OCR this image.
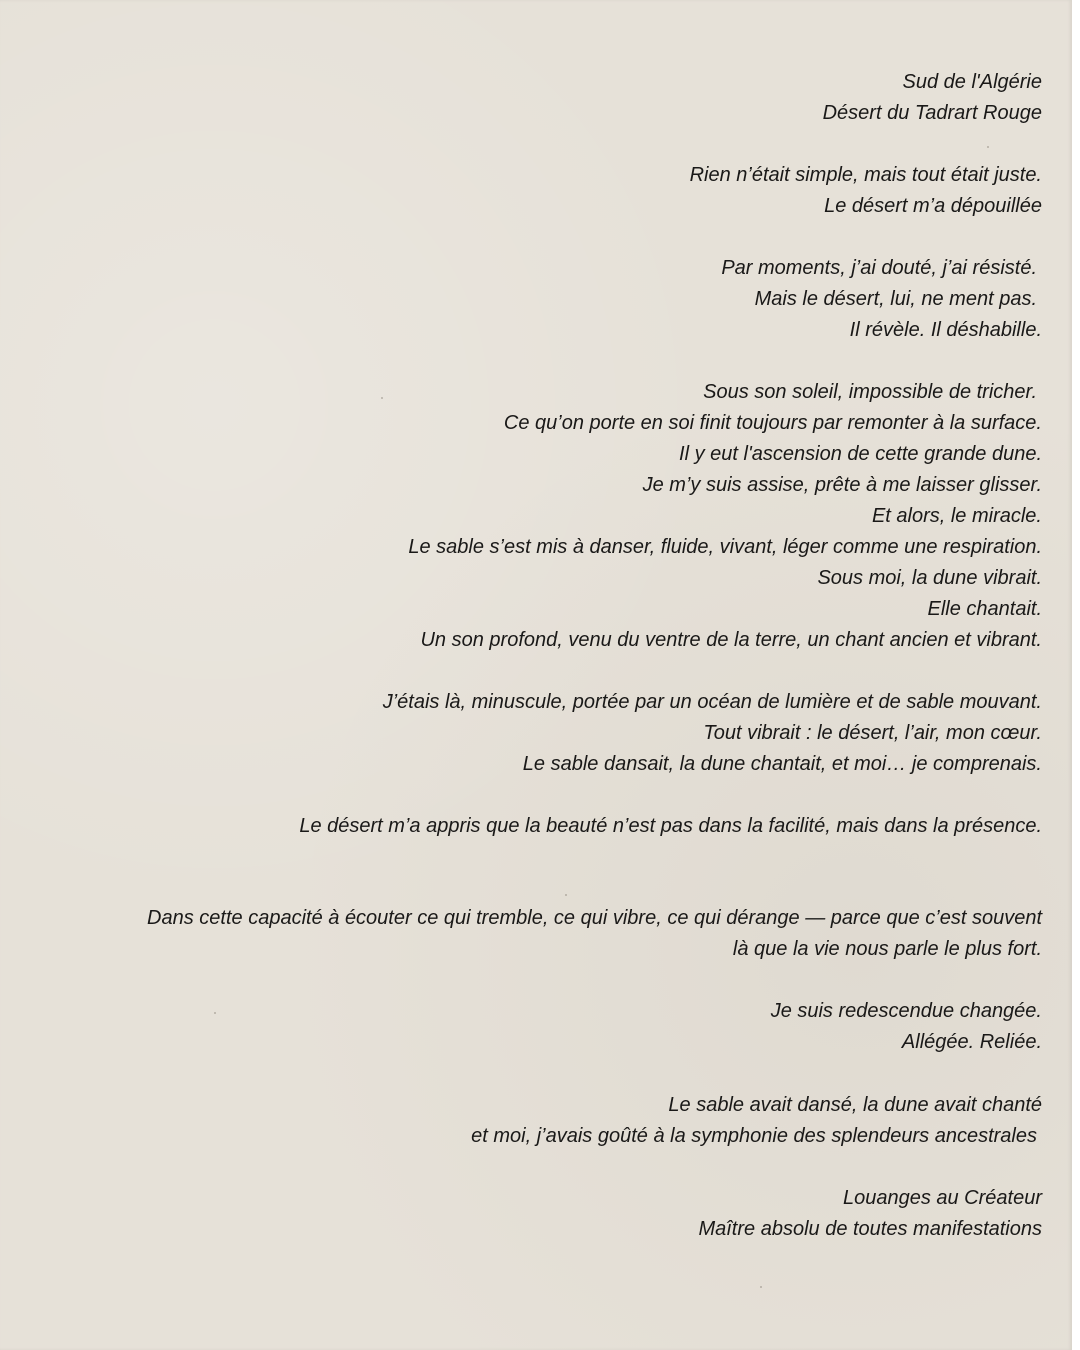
Sud de l'Algérie
Désert du Tadrart Rouge
Rien n’était simple, mais tout était juste.
Le désert m’a dépouillée
Par moments, j’ai douté, j’ai résisté.
Mais le désert, lui, ne ment pas.
Il révèle. Il déshabille.
Sous son soleil, impossible de tricher.
Ce qu’on porte en soi finit toujours par remonter à la surface.
Il y eut l'ascension de cette grande dune.
Je m’y suis assise, prête à me laisser glisser.
Et alors, le miracle.
Le sable s’est mis à danser, fluide, vivant, léger comme une respiration.
Sous moi, la dune vibrait.
Elle chantait.
Un son profond, venu du ventre de la terre, un chant ancien et vibrant.
J’étais là, minuscule, portée par un océan de lumière et de sable mouvant.
Tout vibrait : le désert, l’air, mon cœur.
Le sable dansait, la dune chantait, et moi… je comprenais.
Le désert m’a appris que la beauté n’est pas dans la facilité, mais dans la présence.
Dans cette capacité à écouter ce qui tremble, ce qui vibre, ce qui dérange — parce que c’est souvent
là que la vie nous parle le plus fort.
Je suis redescendue changée.
Allégée. Reliée.
Le sable avait dansé, la dune avait chanté
et moi, j’avais goûté à la symphonie des splendeurs ancestrales
Louanges au Créateur
Maître absolu de toutes manifestations
